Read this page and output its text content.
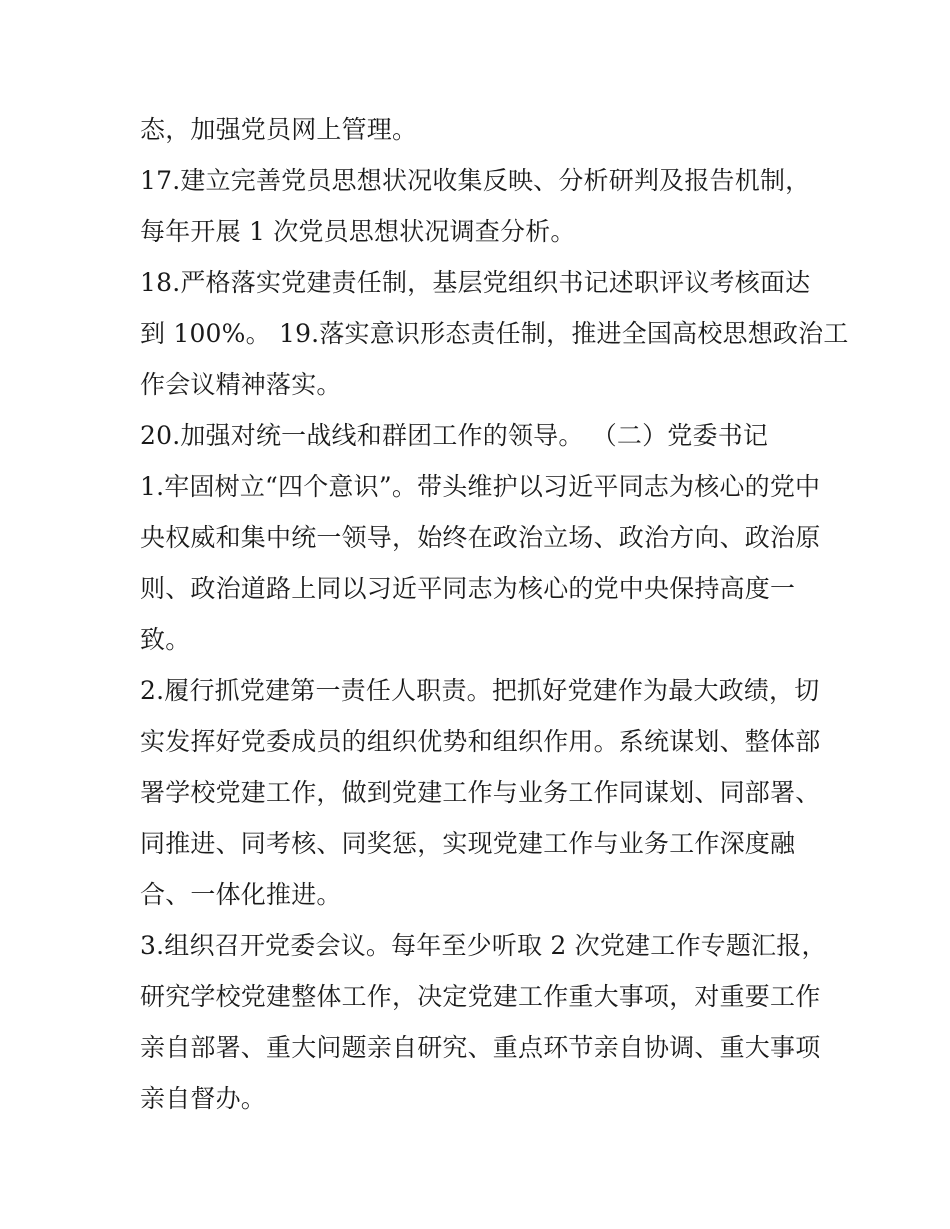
态，加强党员网上管理。
17.建立完善党员思想状况收集反映、分析研判及报告机制，
每年开展 1 次党员思想状况调查分析。
18.严格落实党建责任制，基层党组织书记述职评议考核面达
到 100%。 19.落实意识形态责任制，推进全国高校思想政治工
作会议精神落实。
20.加强对统一战线和群团工作的领导。 （二）党委书记
1.牢固树立“四个意识”。带头维护以习近平同志为核心的党中
央权威和集中统一领导，始终在政治立场、政治方向、政治原
则、政治道路上同以习近平同志为核心的党中央保持高度一
致。
2.履行抓党建第一责任人职责。把抓好党建作为最大政绩，切
实发挥好党委成员的组织优势和组织作用。系统谋划、整体部
署学校党建工作，做到党建工作与业务工作同谋划、同部署、
同推进、同考核、同奖惩，实现党建工作与业务工作深度融
合、一体化推进。
3.组织召开党委会议。每年至少听取 2 次党建工作专题汇报，
研究学校党建整体工作，决定党建工作重大事项，对重要工作
亲自部署、重大问题亲自研究、重点环节亲自协调、重大事项
亲自督办。
